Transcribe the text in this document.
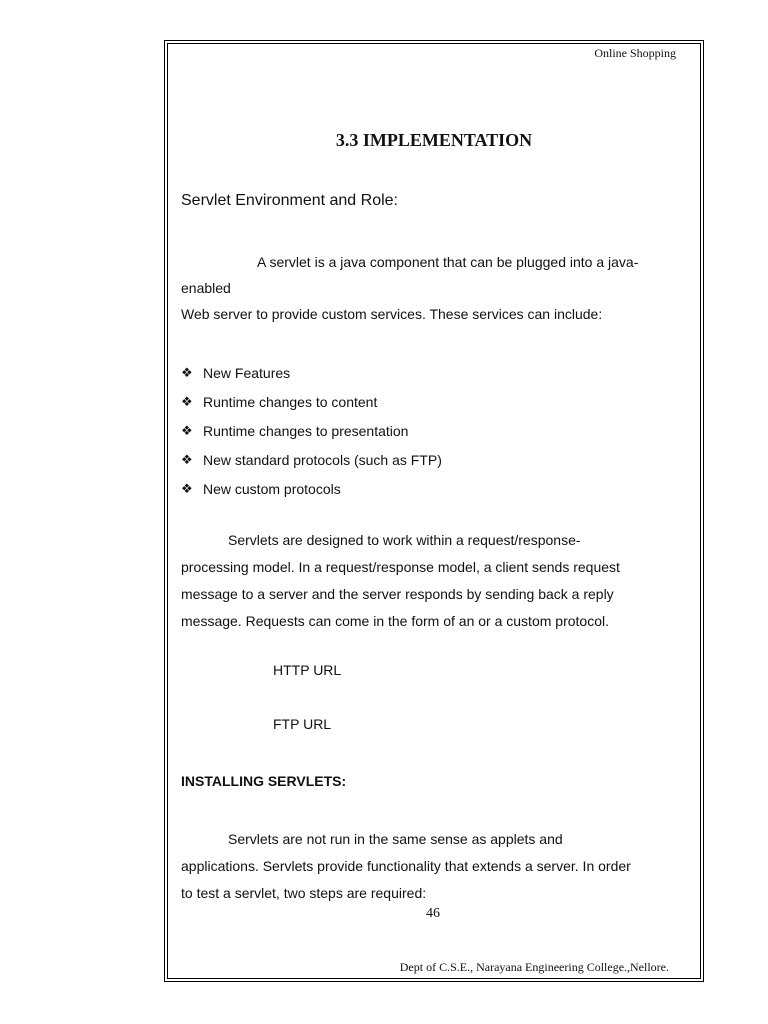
Online Shopping
3.3 IMPLEMENTATION
Servlet Environment and Role:
A servlet is a java component that can be plugged into a java-
enabled
Web server to provide custom services. These services can include:
❖ New Features
❖ Runtime changes to content
❖ Runtime changes to presentation
❖ New standard protocols (such as FTP)
❖ New custom protocols
Servlets are designed to work within a request/response-
processing model. In a request/response model, a client sends request
message to a server and the server responds by sending back a reply
message. Requests can come in the form of an or a custom protocol.
HTTP URL
FTP URL
INSTALLING SERVLETS:
Servlets are not run in the same sense as applets and
applications. Servlets provide functionality that extends a server. In order
to test a servlet, two steps are required:
46
Dept of C.S.E., Narayana Engineering College.,Nellore.
